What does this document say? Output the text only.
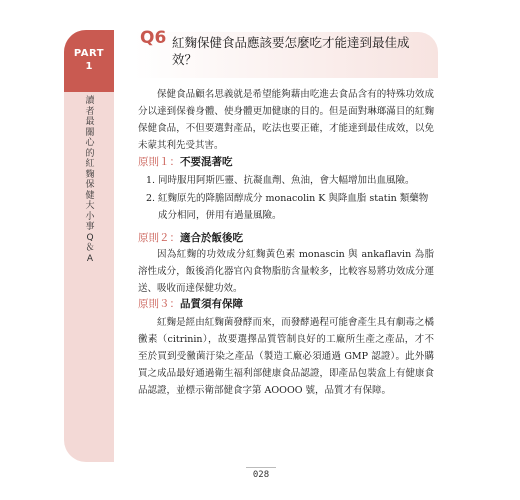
PART
1
讀者最關心的紅麴保健大小事Q＆A
Q6 紅麴保健食品應該要怎麼吃才能達到最佳成效？

保健食品顧名思義就是希望能夠藉由吃進去食品含有的特殊功效成分以達到保養身體、使身體更加健康的目的。但是面對琳瑯滿目的紅麴保健食品，不但要選對產品，吃法也要正確，才能達到最佳成效，以免未蒙其利先受其害。

原則１：不要混著吃
1. 同時服用阿斯匹靈、抗凝血劑、魚油，會大幅增加出血風險。
2. 紅麴原先的降膽固醇成分 monacolin K 與降血脂 statin 類藥物成分相同，併用有過量風險。
原則２：適合於飯後吃

因為紅麴的功效成分紅麴黃色素 monascin 與 ankaflavin 為脂溶性成分，飯後消化器官內食物脂肪含量較多，比較容易將功效成分運送、吸收而達保健功效。

原則３：品質須有保障

紅麴是經由紅麴菌發酵而來，而發酵過程可能會產生具有劇毒之橘黴素（citrinin），故要選擇品質管制良好的工廠所生產之產品，才不至於買到受黴菌汙染之產品（製造工廠必須通過 GMP 認證）。此外購買之成品最好通過衛生福利部健康食品認證，即產品包裝盒上有健康食品認證，並標示衛部健食字第 AOOOO 號，品質才有保障。

028
